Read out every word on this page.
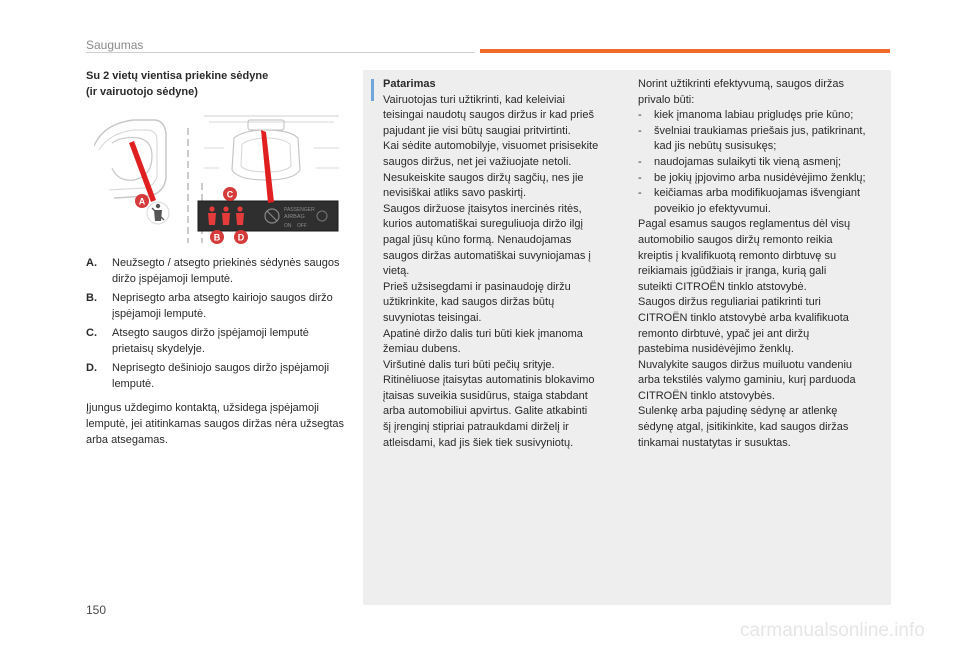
Saugumas
Su 2 vietų vientisa priekine sėdyne
(ir vairuotojo sėdyne)
PASSENGER
AIRBAG
ON OFF
A
B
C
D
A.	Neužsegto / atsegto priekinės sėdynės saugos diržo įspėjamoji lemputė.
B.	Neprisegto arba atsegto kairiojo saugos diržo įspėjamoji lemputė.
C.	Atsegto saugos diržo įspėjamoji lemputė prietaisų skydelyje.
D.	Neprisegto dešiniojo saugos diržo įspėjamoji lemputė.

Įjungus uždegimo kontaktą, užsidega įspėjamoji lemputė, jei atitinkamas saugos diržas nėra užsegtas arba atsegamas.

Patarimas
Vairuotojas turi užtikrinti, kad keleiviai
teisingai naudotų saugos diržus ir kad prieš
pajudant jie visi būtų saugiai pritvirtinti.
Kai sėdite automobilyje, visuomet prisisekite
saugos diržus, net jei važiuojate netoli.
Nesukeiskite saugos diržų sagčių, nes jie
nevisiškai atliks savo paskirtį.
Saugos diržuose įtaisytos inercinės ritės,
kurios automatiškai sureguliuoja diržo ilgį
pagal jūsų kūno formą. Nenaudojamas
saugos diržas automatiškai suvyniojamas į
vietą.
Prieš užsisegdami ir pasinaudoję diržu
užtikrinkite, kad saugos diržas būtų
suvyniotas teisingai.
Apatinė diržo dalis turi būti kiek įmanoma
žemiau dubens.
Viršutinė dalis turi būti pečių srityje.
Ritinėliuose įtaisytas automatinis blokavimo
įtaisas suveikia susidūrus, staiga stabdant
arba automobiliui apvirtus. Galite atkabinti
šį įrenginį stipriai patraukdami dirželį ir
atleisdami, kad jis šiek tiek susivyniotų.
Norint užtikrinti efektyvumą, saugos diržas
privalo būti:
-	kiek įmanoma labiau prigludęs prie kūno;
-	švelniai traukiamas priešais jus, patikrinant, kad jis nebūtų susisukęs;
-	naudojamas sulaikyti tik vieną asmenį;
-	be jokių įpjovimo arba nusidėvėjimo ženklų;
-	keičiamas arba modifikuojamas išvengiant poveikio jo efektyvumui.
Pagal esamus saugos reglamentus dėl visų
automobilio saugos diržų remonto reikia
kreiptis į kvalifikuotą remonto dirbtuvę su
reikiamais įgūdžiais ir įranga, kurią gali
suteikti CITROËN tinklo atstovybė.
Saugos diržus reguliariai patikrinti turi
CITROËN tinklo atstovybė arba kvalifikuota
remonto dirbtuvė, ypač jei ant diržų
pastebima nusidėvėjimo ženklų.
Nuvalykite saugos diržus muiluotu vandeniu
arba tekstilės valymo gaminiu, kurį parduoda
CITROËN tinklo atstovybės.
Sulenkę arba pajudinę sėdynę ar atlenkę
sėdynę atgal, įsitikinkite, kad saugos diržas
tinkamai nustatytas ir susuktas.
150
carmanualsonline.info
